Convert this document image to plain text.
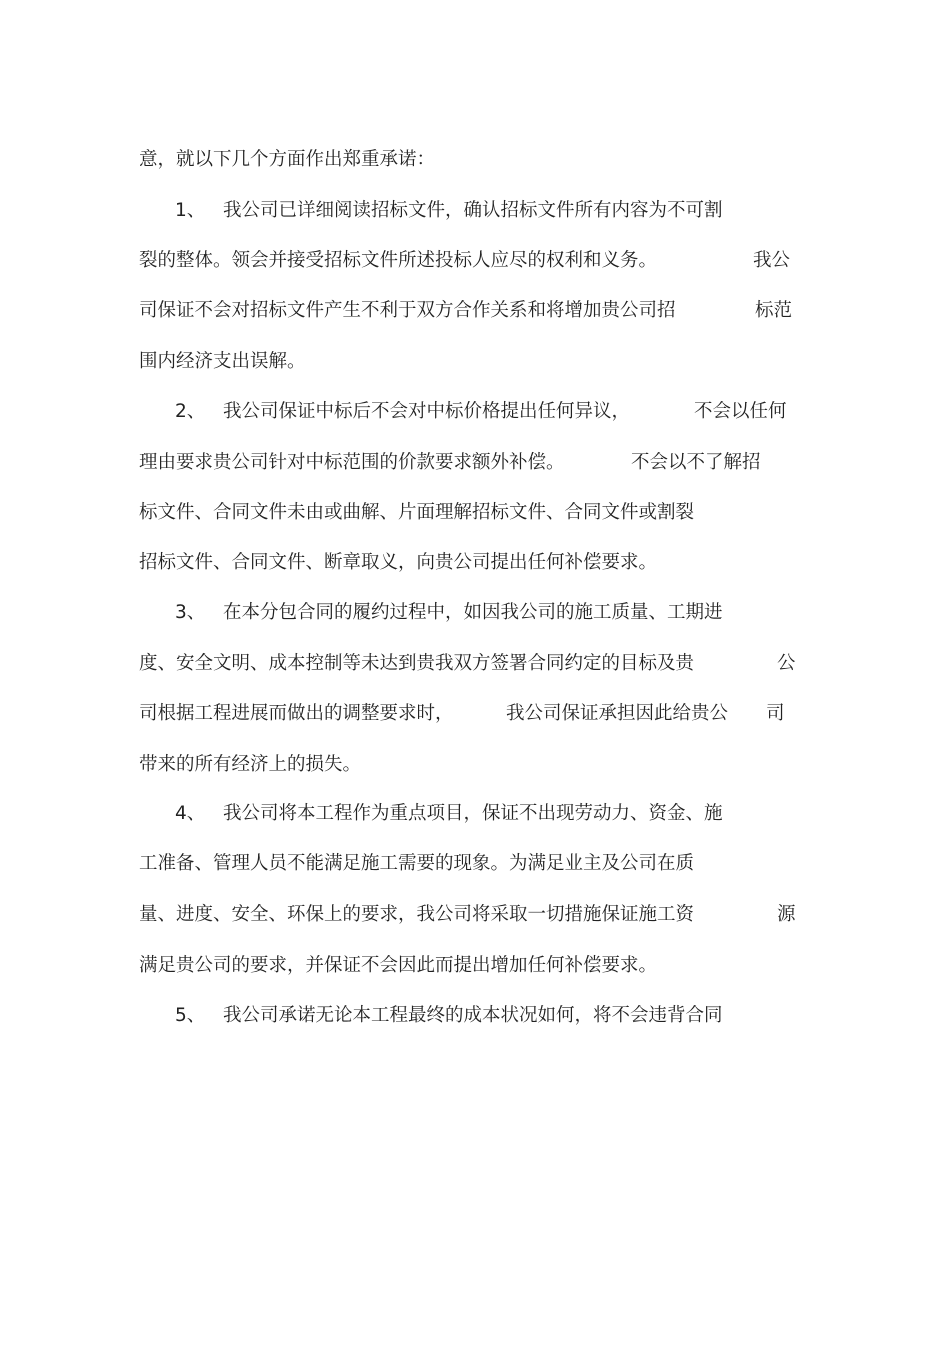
意，就以下几个方面作出郑重承诺：
1、 我公司已详细阅读招标文件，确认招标文件所有内容为不可割
裂的整体。领会并接受招标文件所述投标人应尽的权利和义务。	我公
司保证不会对招标文件产生不利于双方合作关系和将增加贵公司招	标范
围内经济支出误解。
2、 我公司保证中标后不会对中标价格提出任何异议，	不会以任何
理由要求贵公司针对中标范围的价款要求额外补偿。	不会以不了解招
标文件、合同文件未由或曲解、片面理解招标文件、合同文件或割裂
招标文件、合同文件、断章取义，向贵公司提出任何补偿要求。
3、 在本分包合同的履约过程中，如因我公司的施工质量、工期进
度、安全文明、成本控制等未达到贵我双方签署合同约定的目标及贵	公
司根据工程进展而做出的调整要求时，	我公司保证承担因此给贵公 司
带来的所有经济上的损失。
4、 我公司将本工程作为重点项目，保证不出现劳动力、资金、施
工准备、管理人员不能满足施工需要的现象。为满足业主及公司在质
量、进度、安全、环保上的要求，我公司将采取一切措施保证施工资	源
满足贵公司的要求，并保证不会因此而提出增加任何补偿要求。
5、 我公司承诺无论本工程最终的成本状况如何，将不会违背合同
